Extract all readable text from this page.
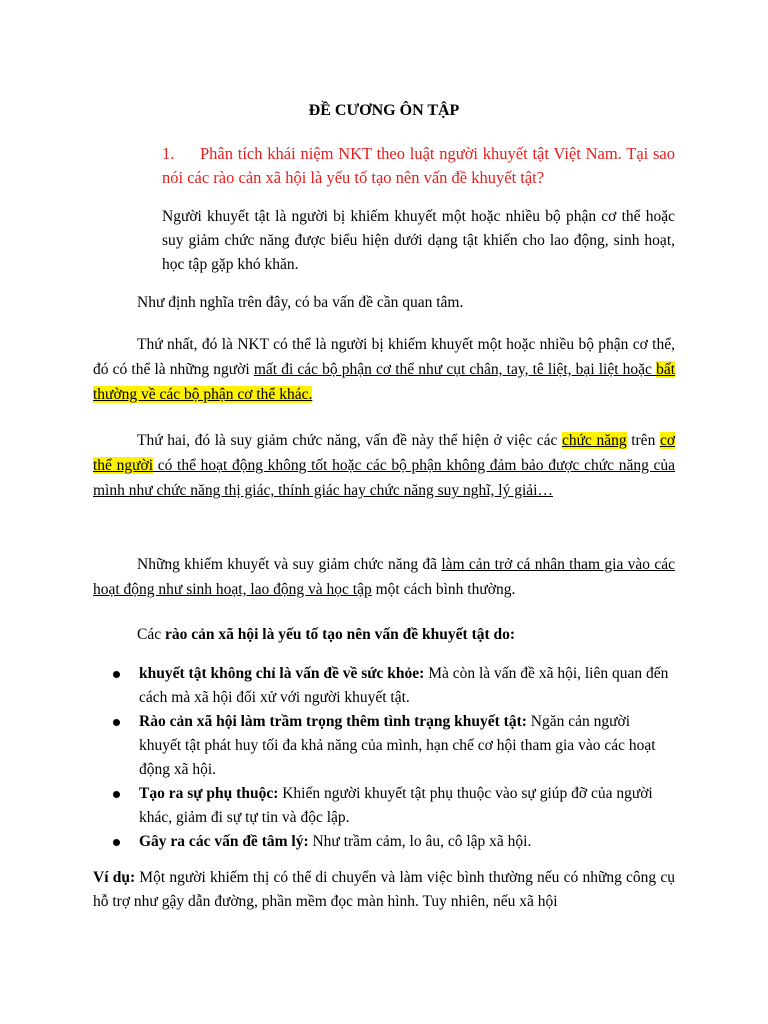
ĐỀ CƯƠNG ÔN TẬP
1. Phân tích khái niệm NKT theo luật người khuyết tật Việt Nam. Tại sao nói các rào cản xã hội là yếu tố tạo nên vấn đề khuyết tật?
Người khuyết tật là người bị khiếm khuyết một hoặc nhiều bộ phận cơ thể hoặc suy giảm chức năng được biểu hiện dưới dạng tật khiến cho lao động, sinh hoạt, học tập gặp khó khăn.
Như định nghĩa trên đây, có ba vấn đề cần quan tâm.
Thứ nhất, đó là NKT có thể là người bị khiếm khuyết một hoặc nhiều bộ phận cơ thể, đó có thể là những người mất đi các bộ phận cơ thể như cụt chân, tay, tê liệt, bại liệt hoặc bất thường về các bộ phận cơ thể khác.
Thứ hai, đó là suy giảm chức năng, vấn đề này thể hiện ở việc các chức năng trên cơ thể người có thể hoạt động không tốt hoặc các bộ phận không đảm bảo được chức năng của mình như chức năng thị giác, thính giác hay chức năng suy nghĩ, lý giải…
Những khiếm khuyết và suy giảm chức năng đã làm cản trở cá nhân tham gia vào các hoạt động như sinh hoạt, lao động và học tập một cách bình thường.
Các rào cản xã hội là yếu tố tạo nên vấn đề khuyết tật do:
khuyết tật không chỉ là vấn đề về sức khỏe: Mà còn là vấn đề xã hội, liên quan đến cách mà xã hội đối xử với người khuyết tật.
Rào cản xã hội làm trầm trọng thêm tình trạng khuyết tật: Ngăn cản người khuyết tật phát huy tối đa khả năng của mình, hạn chế cơ hội tham gia vào các hoạt động xã hội.
Tạo ra sự phụ thuộc: Khiến người khuyết tật phụ thuộc vào sự giúp đỡ của người khác, giảm đi sự tự tin và độc lập.
Gây ra các vấn đề tâm lý: Như trầm cảm, lo âu, cô lập xã hội.
Ví dụ: Một người khiếm thị có thể di chuyển và làm việc bình thường nếu có những công cụ hỗ trợ như gậy dẫn đường, phần mềm đọc màn hình. Tuy nhiên, nếu xã hội
